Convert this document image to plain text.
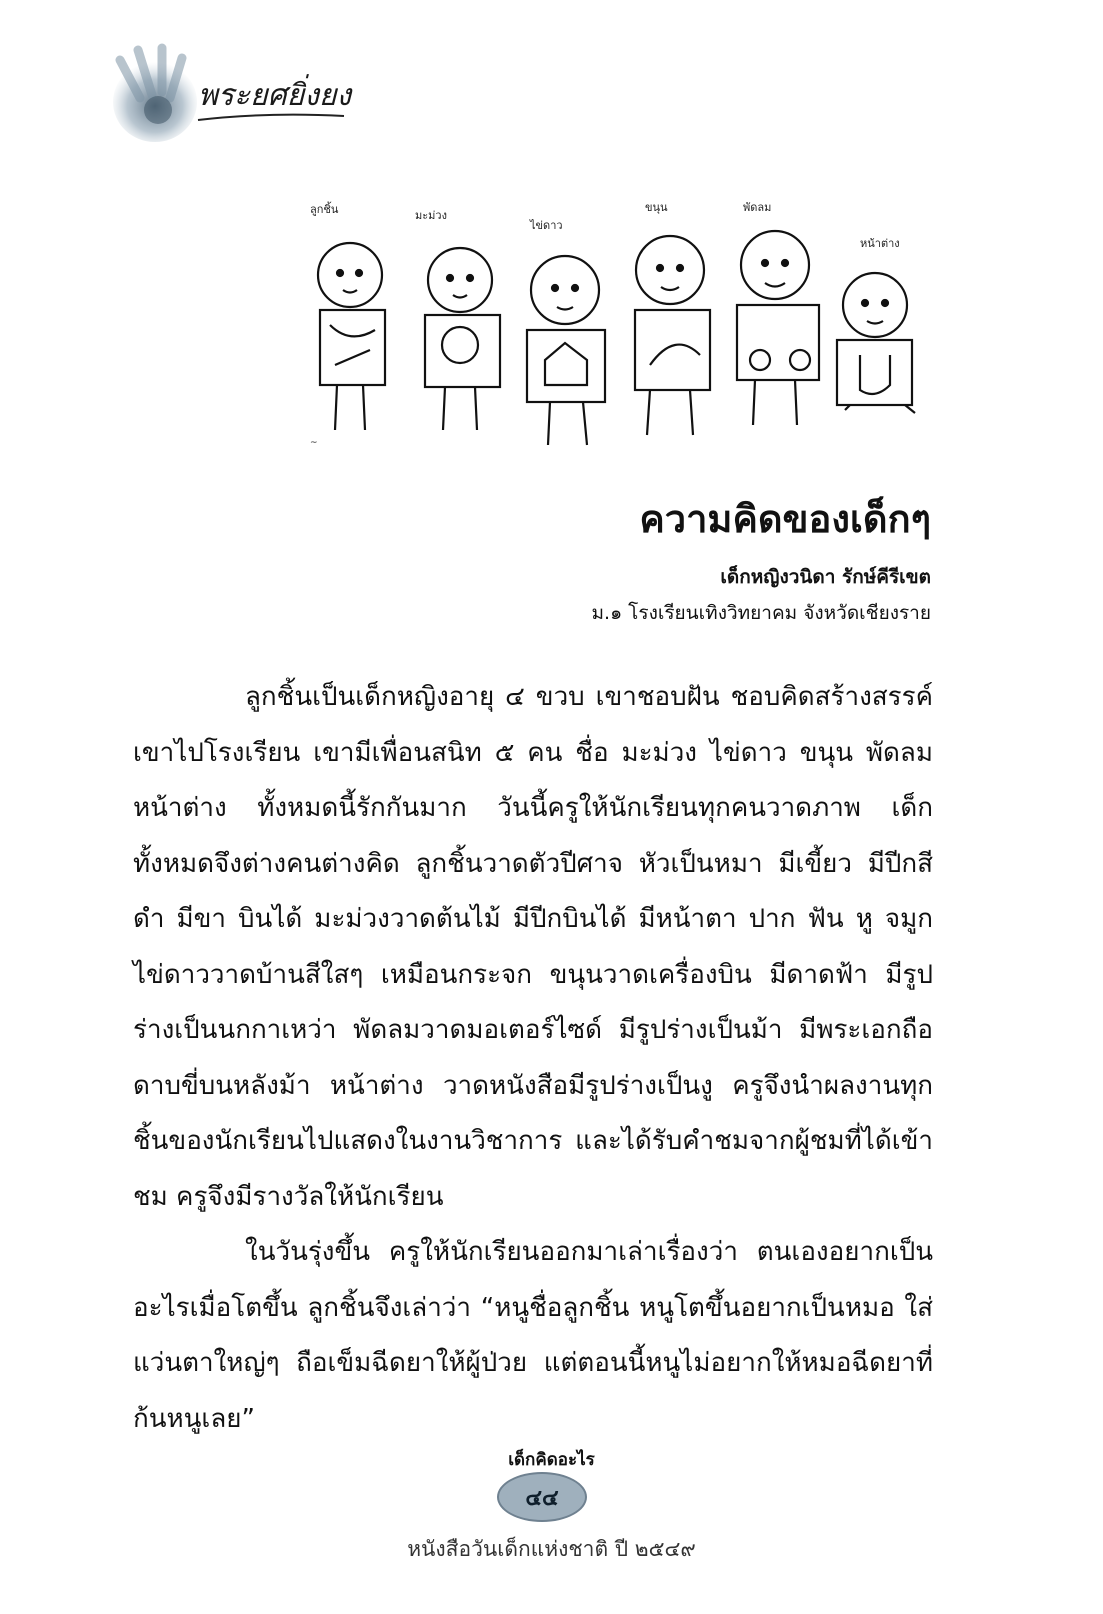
พระยศยิ่งยง
ลูกชิ้น	มะม่วง
ไข่ดาว
ขนุน	พัดลม
หน้าต่าง
~
ความคิดของเด็กๆ
เด็กหญิงวนิดา รักษ์คีรีเขต
ม.๑ โรงเรียนเทิงวิทยาคม จังหวัดเชียงราย

ลูกชิ้นเป็นเด็กหญิงอายุ ๔ ขวบ เขาชอบฝัน ชอบคิดสร้างสรรค์ เขาไปโรงเรียน เขามีเพื่อนสนิท ๕ คน ชื่อ มะม่วง ไข่ดาว ขนุน พัดลม หน้าต่าง ทั้งหมดนี้รักกันมาก วันนี้ครูให้นักเรียนทุกคนวาดภาพ เด็กทั้งหมดจึงต่างคนต่างคิด ลูกชิ้นวาดตัวปีศาจ หัวเป็นหมา มีเขี้ยว มีปีกสีดำ มีขา บินได้ มะม่วงวาดต้นไม้ มีปีกบินได้ มีหน้าตา ปาก ฟัน หู จมูก ไข่ดาววาดบ้านสีใสๆ เหมือนกระจก ขนุนวาดเครื่องบิน มีดาดฟ้า มีรูปร่างเป็นนกกาเหว่า พัดลมวาดมอเตอร์ไซด์ มีรูปร่างเป็นม้า มีพระเอกถือดาบขี่บนหลังม้า หน้าต่าง วาดหนังสือมีรูปร่างเป็นงู ครูจึงนำผลงานทุกชิ้นของนักเรียนไปแสดงในงานวิชาการ และได้รับคำชมจากผู้ชมที่ได้เข้าชม ครูจึงมีรางวัลให้นักเรียน

ในวันรุ่งขึ้น ครูให้นักเรียนออกมาเล่าเรื่องว่า ตนเองอยากเป็นอะไรเมื่อโตขึ้น ลูกชิ้นจึงเล่าว่า “หนูชื่อลูกชิ้น หนูโตขึ้นอยากเป็นหมอ ใส่แว่นตาใหญ่ๆ ถือเข็มฉีดยาให้ผู้ป่วย แต่ตอนนี้หนูไม่อยากให้หมอฉีดยาที่ก้นหนูเลย”

เด็กคิดอะไร
๔๔
หนังสือวันเด็กแห่งชาติ ปี ๒๕๔๙
